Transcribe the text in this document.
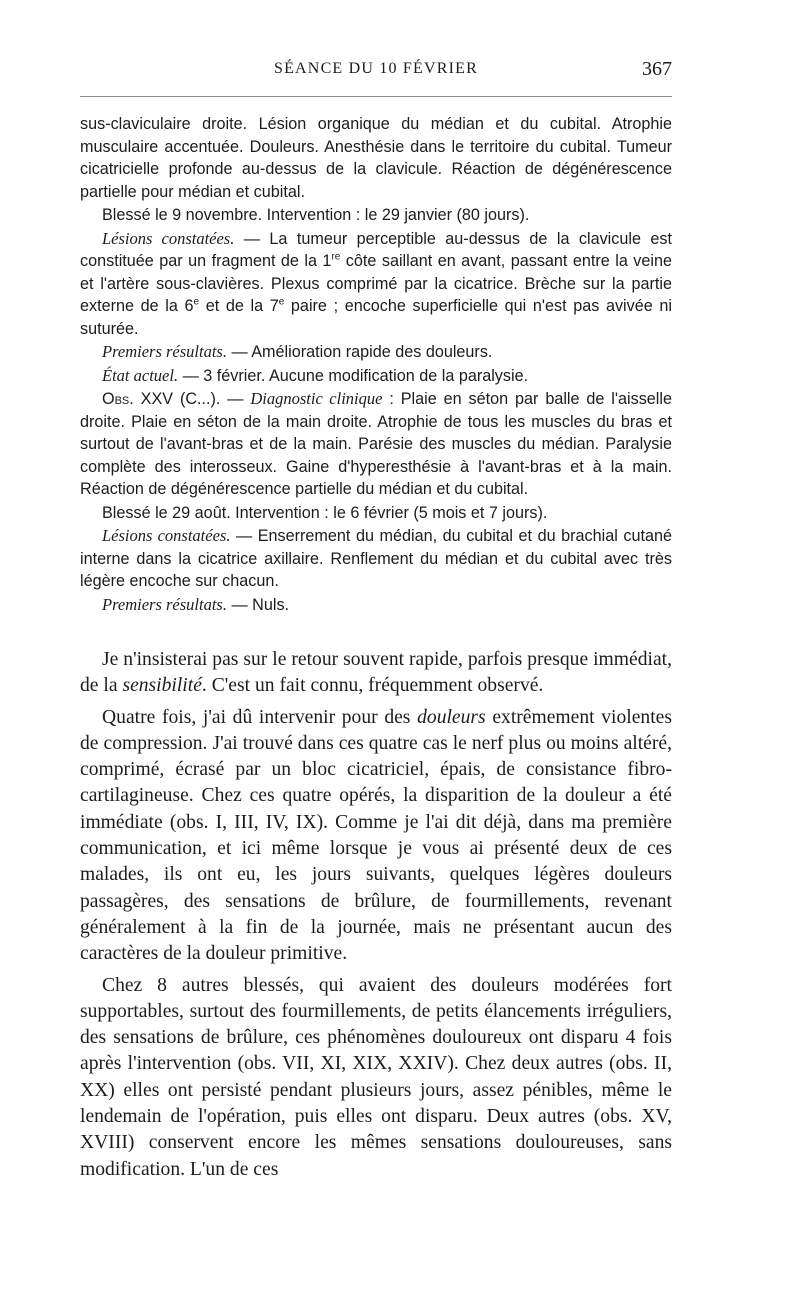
SÉANCE DU 10 FÉVRIER	367

sus-claviculaire droite. Lésion organique du médian et du cubital. Atrophie musculaire accentuée. Douleurs. Anesthésie dans le territoire du cubital. Tumeur cicatricielle profonde au-dessus de la clavicule. Réaction de dégénérescence partielle pour médian et cubital.

Blessé le 9 novembre. Intervention : le 29 janvier (80 jours).

Lésions constatées. — La tumeur perceptible au-dessus de la clavicule est constituée par un fragment de la 1re côte saillant en avant, passant entre la veine et l'artère sous-clavières. Plexus comprimé par la cicatrice. Brèche sur la partie externe de la 6e et de la 7e paire ; encoche superficielle qui n'est pas avivée ni suturée.

Premiers résultats. — Amélioration rapide des douleurs.

État actuel. — 3 février. Aucune modification de la paralysie.

Obs. XXV (C...). — Diagnostic clinique : Plaie en séton par balle de l'aisselle droite. Plaie en séton de la main droite. Atrophie de tous les muscles du bras et surtout de l'avant-bras et de la main. Parésie des muscles du médian. Paralysie complète des interosseux. Gaine d'hyperesthésie à l'avant-bras et à la main. Réaction de dégénérescence partielle du médian et du cubital.

Blessé le 29 août. Intervention : le 6 février (5 mois et 7 jours).

Lésions constatées. — Enserrement du médian, du cubital et du brachial cutané interne dans la cicatrice axillaire. Renflement du médian et du cubital avec très légère encoche sur chacun.

Premiers résultats. — Nuls.

Je n'insisterai pas sur le retour souvent rapide, parfois presque immédiat, de la sensibilité. C'est un fait connu, fréquemment observé.

Quatre fois, j'ai dû intervenir pour des douleurs extrêmement violentes de compression. J'ai trouvé dans ces quatre cas le nerf plus ou moins altéré, comprimé, écrasé par un bloc cicatriciel, épais, de consistance fibro-cartilagineuse. Chez ces quatre opérés, la disparition de la douleur a été immédiate (obs. I, III, IV, IX). Comme je l'ai dit déjà, dans ma première communication, et ici même lorsque je vous ai présenté deux de ces malades, ils ont eu, les jours suivants, quelques légères douleurs passagères, des sensations de brûlure, de fourmillements, revenant généralement à la fin de la journée, mais ne présentant aucun des caractères de la douleur primitive.

Chez 8 autres blessés, qui avaient des douleurs modérées fort supportables, surtout des fourmillements, de petits élancements irréguliers, des sensations de brûlure, ces phénomènes douloureux ont disparu 4 fois après l'intervention (obs. VII, XI, XIX, XXIV). Chez deux autres (obs. II, XX) elles ont persisté pendant plusieurs jours, assez pénibles, même le lendemain de l'opération, puis elles ont disparu. Deux autres (obs. XV, XVIII) conservent encore les mêmes sensations douloureuses, sans modification. L'un de ces
